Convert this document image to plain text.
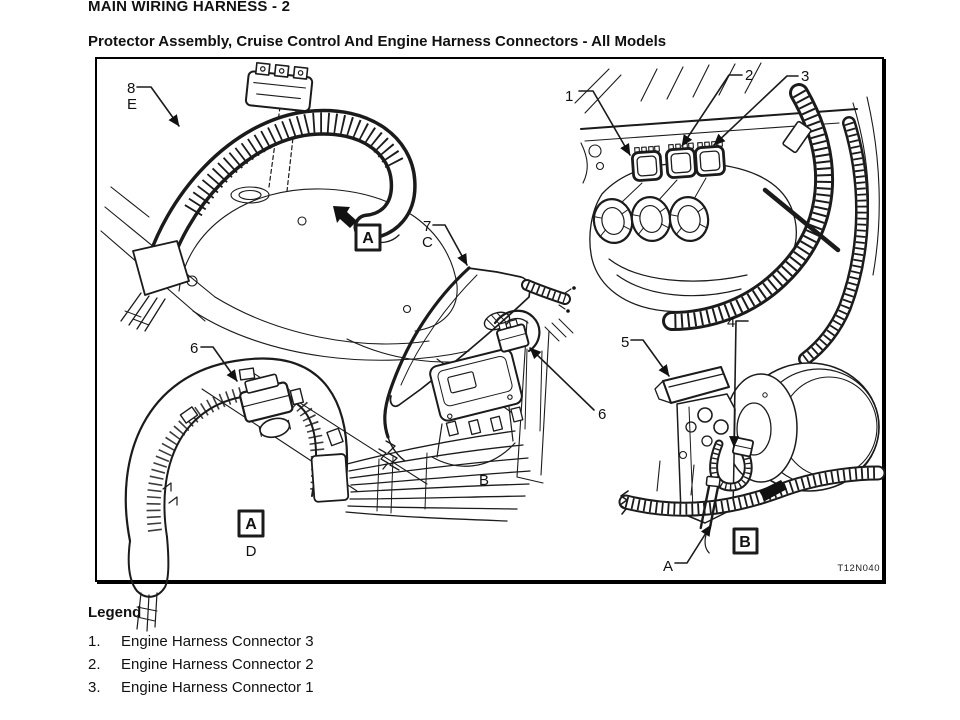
MAIN WIRING HARNESS - 2
Protector Assembly, Cruise Control And Engine Harness Connectors - All Models
8
E	1
2	3
7
C
6
B
6
A
A
D
5
4
A
B
T12N040
Legend
1. Engine Harness Connector 3
2. Engine Harness Connector 2
3. Engine Harness Connector 1
